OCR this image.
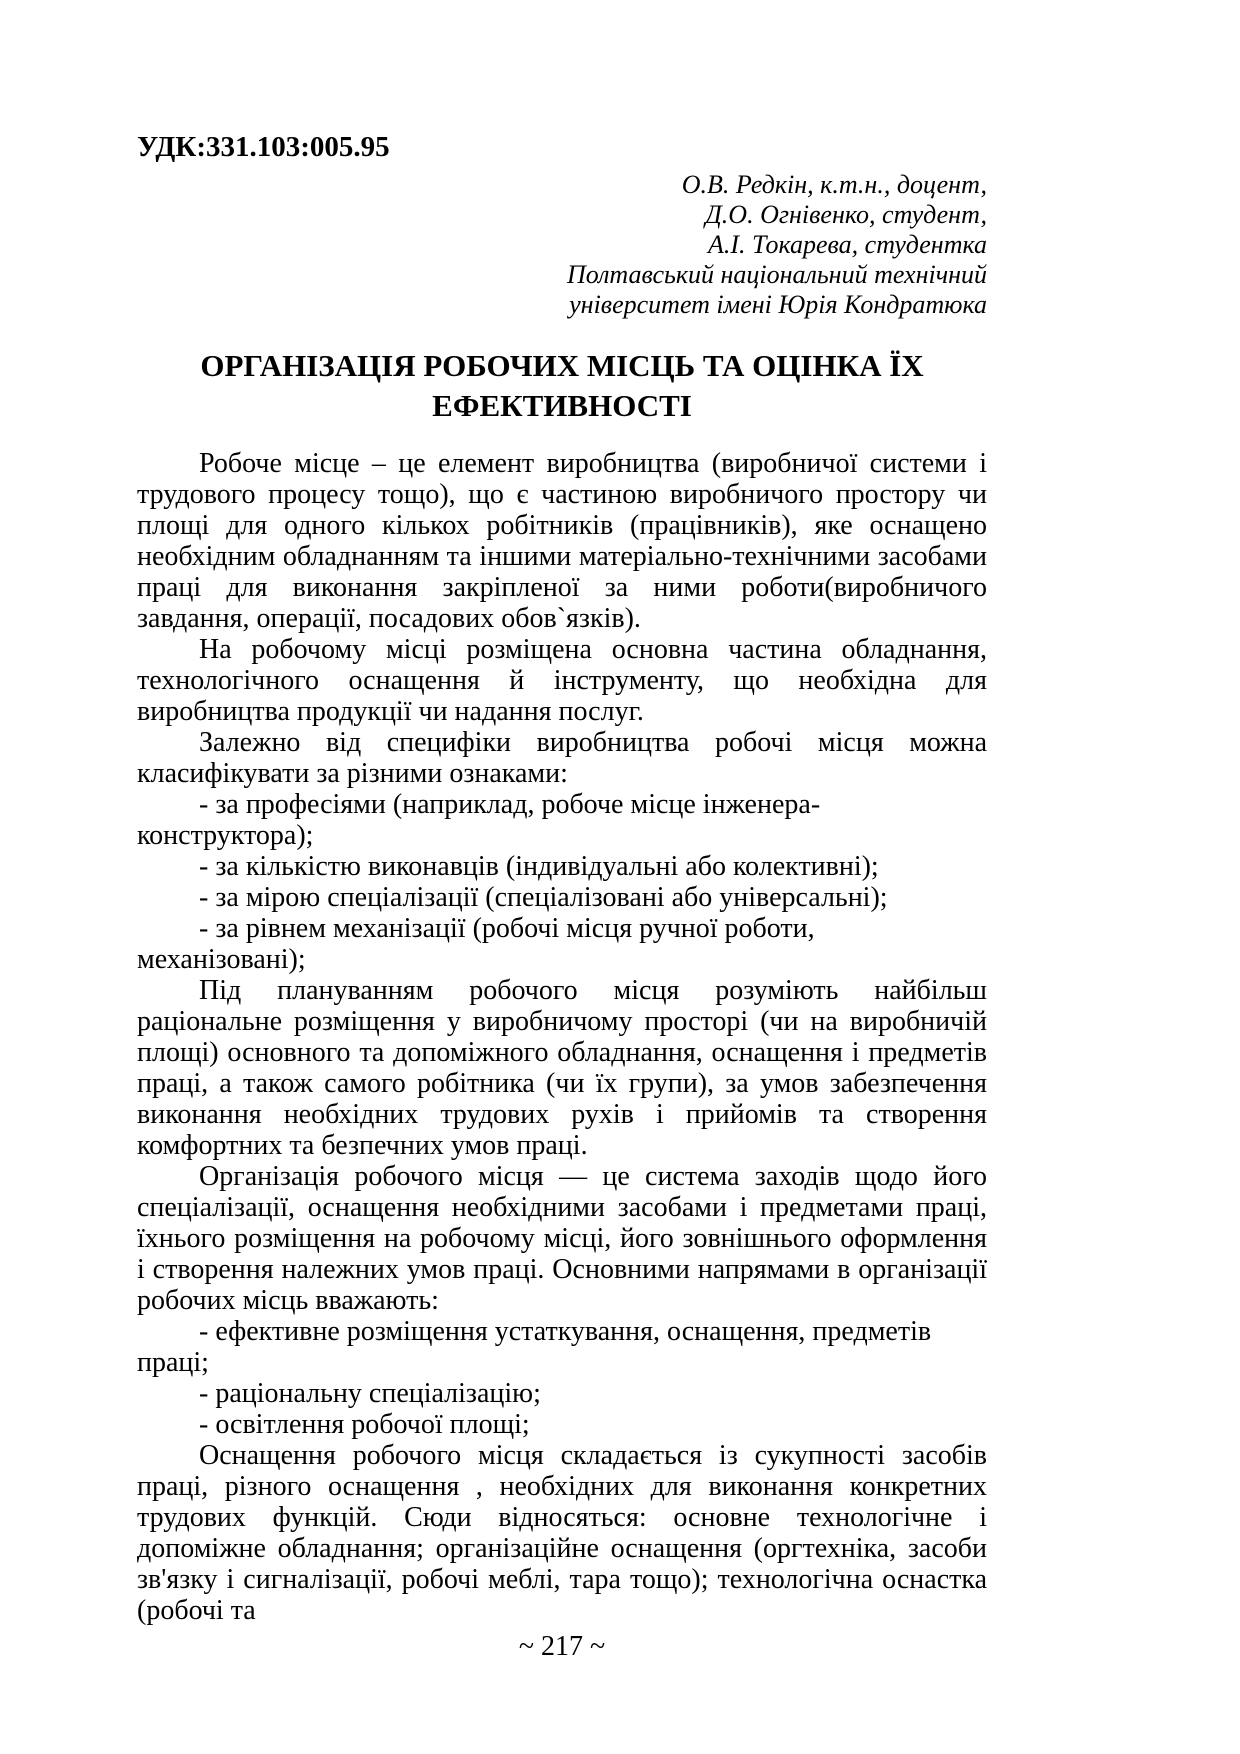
УДК:331.103:005.95

О.В. Редкін, к.т.н., доцент,
Д.О. Огнівенко, студент,
А.І. Токарева, студентка
Полтавський національний технічний
університет імені Юрія Кондратюка
ОРГАНІЗАЦІЯ РОБОЧИХ МІСЦЬ ТА ОЦІНКА ЇХ ЕФЕКТИВНОСТІ

Робоче місце – це елемент виробництва (виробничої системи і трудового процесу тощо), що є частиною виробничого простору чи площі для одного кількох робітників (працівників), яке оснащено необхідним обладнанням та іншими матеріально-технічними засобами праці для виконання закріпленої за ними роботи(виробничого завдання, операції, посадових обов`язків).

На робочому місці розміщена основна частина обладнання, технологічного оснащення й інструменту, що необхідна для виробництва продукції чи надання послуг.

Залежно від специфіки виробництва робочі місця можна класифікувати за різними ознаками:

- за професіями (наприклад, робоче місце інженера-конструктора);

- за кількістю виконавців (індивідуальні або колективні);

- за мірою спеціалізації (спеціалізовані або універсальні);

- за рівнем механізації (робочі місця ручної роботи, механізовані);

Під плануванням робочого місця розуміють найбільш раціональне розміщення у виробничому просторі (чи на виробничій площі) основного та допоміжного обладнання, оснащення і предметів праці, а також самого робітника (чи їх групи), за умов забезпечення виконання необхідних трудових рухів і прийомів та створення комфортних та безпечних умов праці.

Організація робочого місця — це система заходів щодо його спеціалізації, оснащення необхідними засобами і предметами праці, їхнього розміщення на робочому місці, його зовнішнього оформлення і створення належних умов праці. Основними напрямами в організації робочих місць вважають:

- ефективне розміщення устаткування, оснащення, предметів праці;

- раціональну спеціалізацію;

- освітлення робочої площі;

Оснащення робочого місця складається із сукупності засобів праці, різного оснащення , необхідних для виконання конкретних трудових функцій. Сюди відносяться: основне технологічне і допоміжне обладнання; організаційне оснащення (оргтехніка, засоби зв'язку і сигналізації, робочі меблі, тара тощо); технологічна оснастка (робочі та

~ 217 ~
